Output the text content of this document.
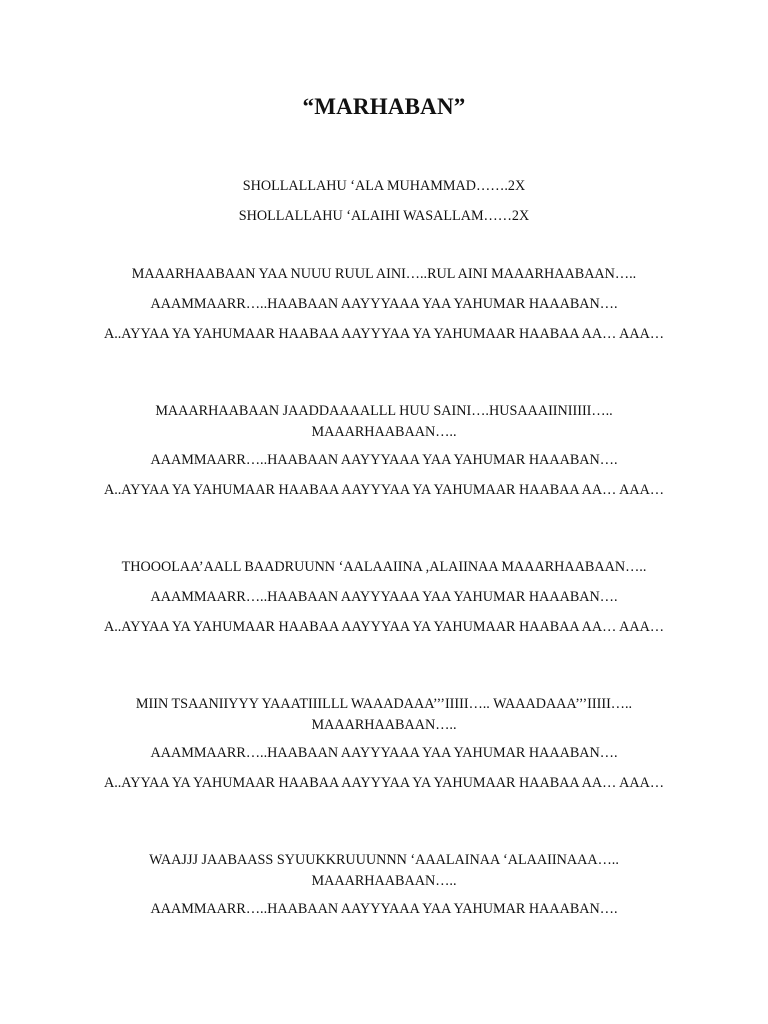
“MARHABAN”

SHOLLALLAHU ‘ALA MUHAMMAD…….2X

SHOLLALLAHU ‘ALAIHI WASALLAM……2X

MAAARHAABAAN YAA NUUU RUUL AINI…..RUL AINI MAAARHAABAAN…..

AAAMMAARR…..HAABAAN AAYYYAAA YAA YAHUMAR HAAABAN….

A..AYYAA YA YAHUMAAR HAABAA AAYYYAA YA YAHUMAAR HAABAA AA… AAA…

MAAARHAABAAN JAADDAAAALLL HUU SAINI….HUSAAAIINIIIII….. MAAARHAABAAN…..

AAAMMAARR…..HAABAAN AAYYYAAA YAA YAHUMAR HAAABAN….

A..AYYAA YA YAHUMAAR HAABAA AAYYYAA YA YAHUMAAR HAABAA AA… AAA…

THOOOLAA’AALL BAADRUUNN ‘AALAAIINA ,ALAIINAA MAAARHAABAAN…..

AAAMMAARR…..HAABAAN AAYYYAAA YAA YAHUMAR HAAABAN….

A..AYYAA YA YAHUMAAR HAABAA AAYYYAA YA YAHUMAAR HAABAA AA… AAA…

MIIN TSAANIIYYY YAAATIIILLL WAAADAAA’’’IIIII….. WAAADAAA’’’IIIII….. MAAARHAABAAN…..

AAAMMAARR…..HAABAAN AAYYYAAA YAA YAHUMAR HAAABAN….

A..AYYAA YA YAHUMAAR HAABAA AAYYYAA YA YAHUMAAR HAABAA AA… AAA…

WAAJJJ JAABAASS SYUUKKRUUUNNN ‘AAALAINAA ‘ALAAIINAAA….. MAAARHAABAAN…..

AAAMMAARR…..HAABAAN AAYYYAAA YAA YAHUMAR HAAABAN….
